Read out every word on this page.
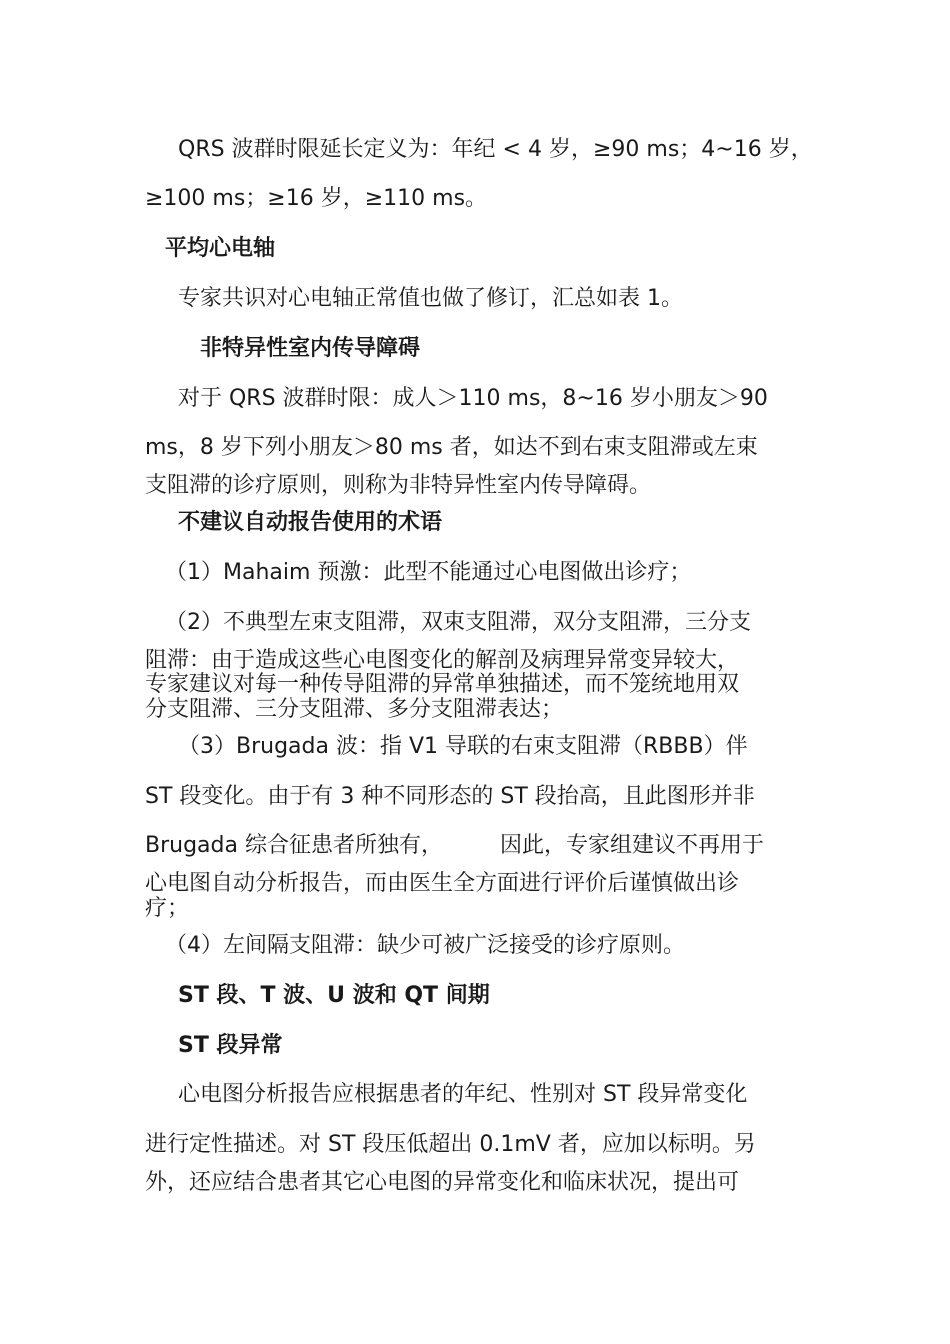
QRS 波群时限延长定义为：年纪 < 4 岁，≥90 ms；4~16 岁，
≥100 ms；≥16 岁，≥110 ms。
平均心电轴
专家共识对心电轴正常值也做了修订，汇总如表 1。
非特异性室内传导障碍
对于 QRS 波群时限：成人＞110 ms，8~16 岁小朋友＞90
ms，8 岁下列小朋友＞80 ms 者，如达不到右束支阻滞或左束
支阻滞的诊疗原则，则称为非特异性室内传导障碍。
不建议自动报告使用的术语
（1）Mahaim 预激：此型不能通过心电图做出诊疗；
（2）不典型左束支阻滞，双束支阻滞，双分支阻滞，三分支
阻滞：由于造成这些心电图变化的解剖及病理异常变异较大，
专家建议对每一种传导阻滞的异常单独描述，而不笼统地用双
分支阻滞、三分支阻滞、多分支阻滞表达；
（3）Brugada 波：指 V1 导联的右束支阻滞（RBBB）伴
ST 段变化。由于有 3 种不同形态的 ST 段抬高，且此图形并非
Brugada 综合征患者所独有，	因此，专家组建议不再用于
心电图自动分析报告，而由医生全方面进行评价后谨慎做出诊
疗；
（4）左间隔支阻滞：缺少可被广泛接受的诊疗原则。
ST 段、T 波、U 波和 QT 间期
ST 段异常
心电图分析报告应根据患者的年纪、性别对 ST 段异常变化
进行定性描述。对 ST 段压低超出 0.1mV 者，应加以标明。另
外，还应结合患者其它心电图的异常变化和临床状况，提出可
